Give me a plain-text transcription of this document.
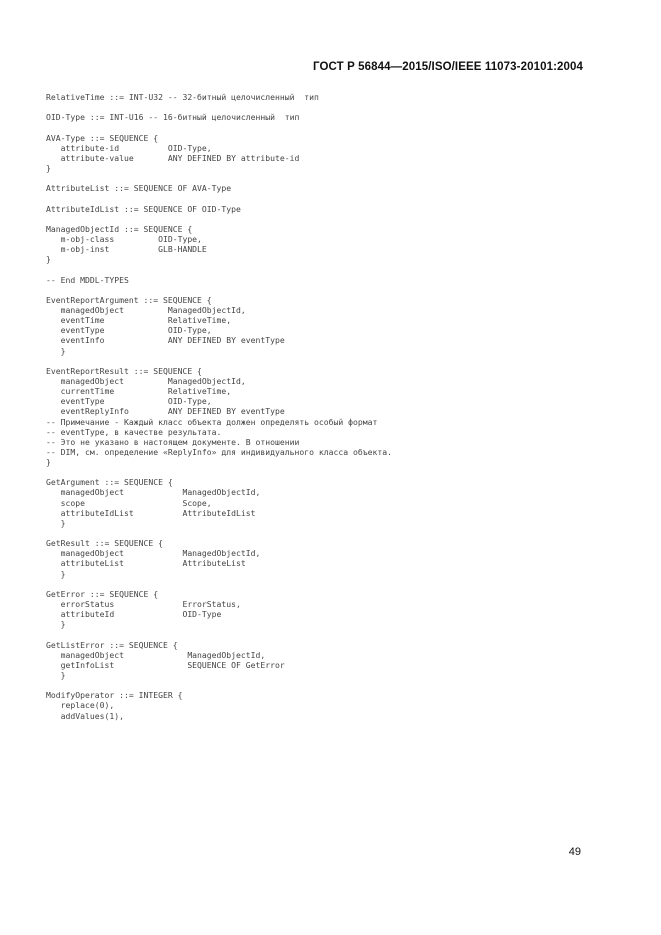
ГОСТ Р 56844—2015/ISO/IEEE 11073-20101:2004
RelativeTime ::= INT-U32 -- 32-битный целочисленный  тип
OID-Type ::= INT-U16 -- 16-битный целочисленный  тип
AVA-Type ::= SEQUENCE {
attribute-id          OID-Type,
attribute-value       ANY DEFINED BY attribute-id
}
AttributeList ::= SEQUENCE OF AVA-Type
AttributeIdList ::= SEQUENCE OF OID-Type
ManagedObjectId ::= SEQUENCE {
m-obj-class         OID-Type,
m-obj-inst          GLB-HANDLE
}
-- End MDDL-TYPES
EventReportArgument ::= SEQUENCE {
managedObject         ManagedObjectId,
eventTime             RelativeTime,
eventType             OID-Type,
eventInfo             ANY DEFINED BY eventType
}
EventReportResult ::= SEQUENCE {
managedObject         ManagedObjectId,
currentTime           RelativeTime,
eventType             OID-Type,
eventReplyInfo        ANY DEFINED BY eventType
-- Примечание - Каждый класс объекта должен определять особый формат
-- eventType, в качестве результата.
-- Это не указано в настоящем документе. В отношении
-- DIM, см. определение «ReplyInfo» для индивидуального класса объекта.
}
GetArgument ::= SEQUENCE {
managedObject            ManagedObjectId,
scope                    Scope,
attributeIdList          AttributeIdList
}
GetResult ::= SEQUENCE {
managedObject            ManagedObjectId,
attributeList            AttributeList
}
GetError ::= SEQUENCE {
errorStatus              ErrorStatus,
attributeId              OID-Type
}
GetListError ::= SEQUENCE {
managedObject             ManagedObjectId,
getInfoList               SEQUENCE OF GetError
}
ModifyOperator ::= INTEGER {
replace(0),
addValues(1),
49
